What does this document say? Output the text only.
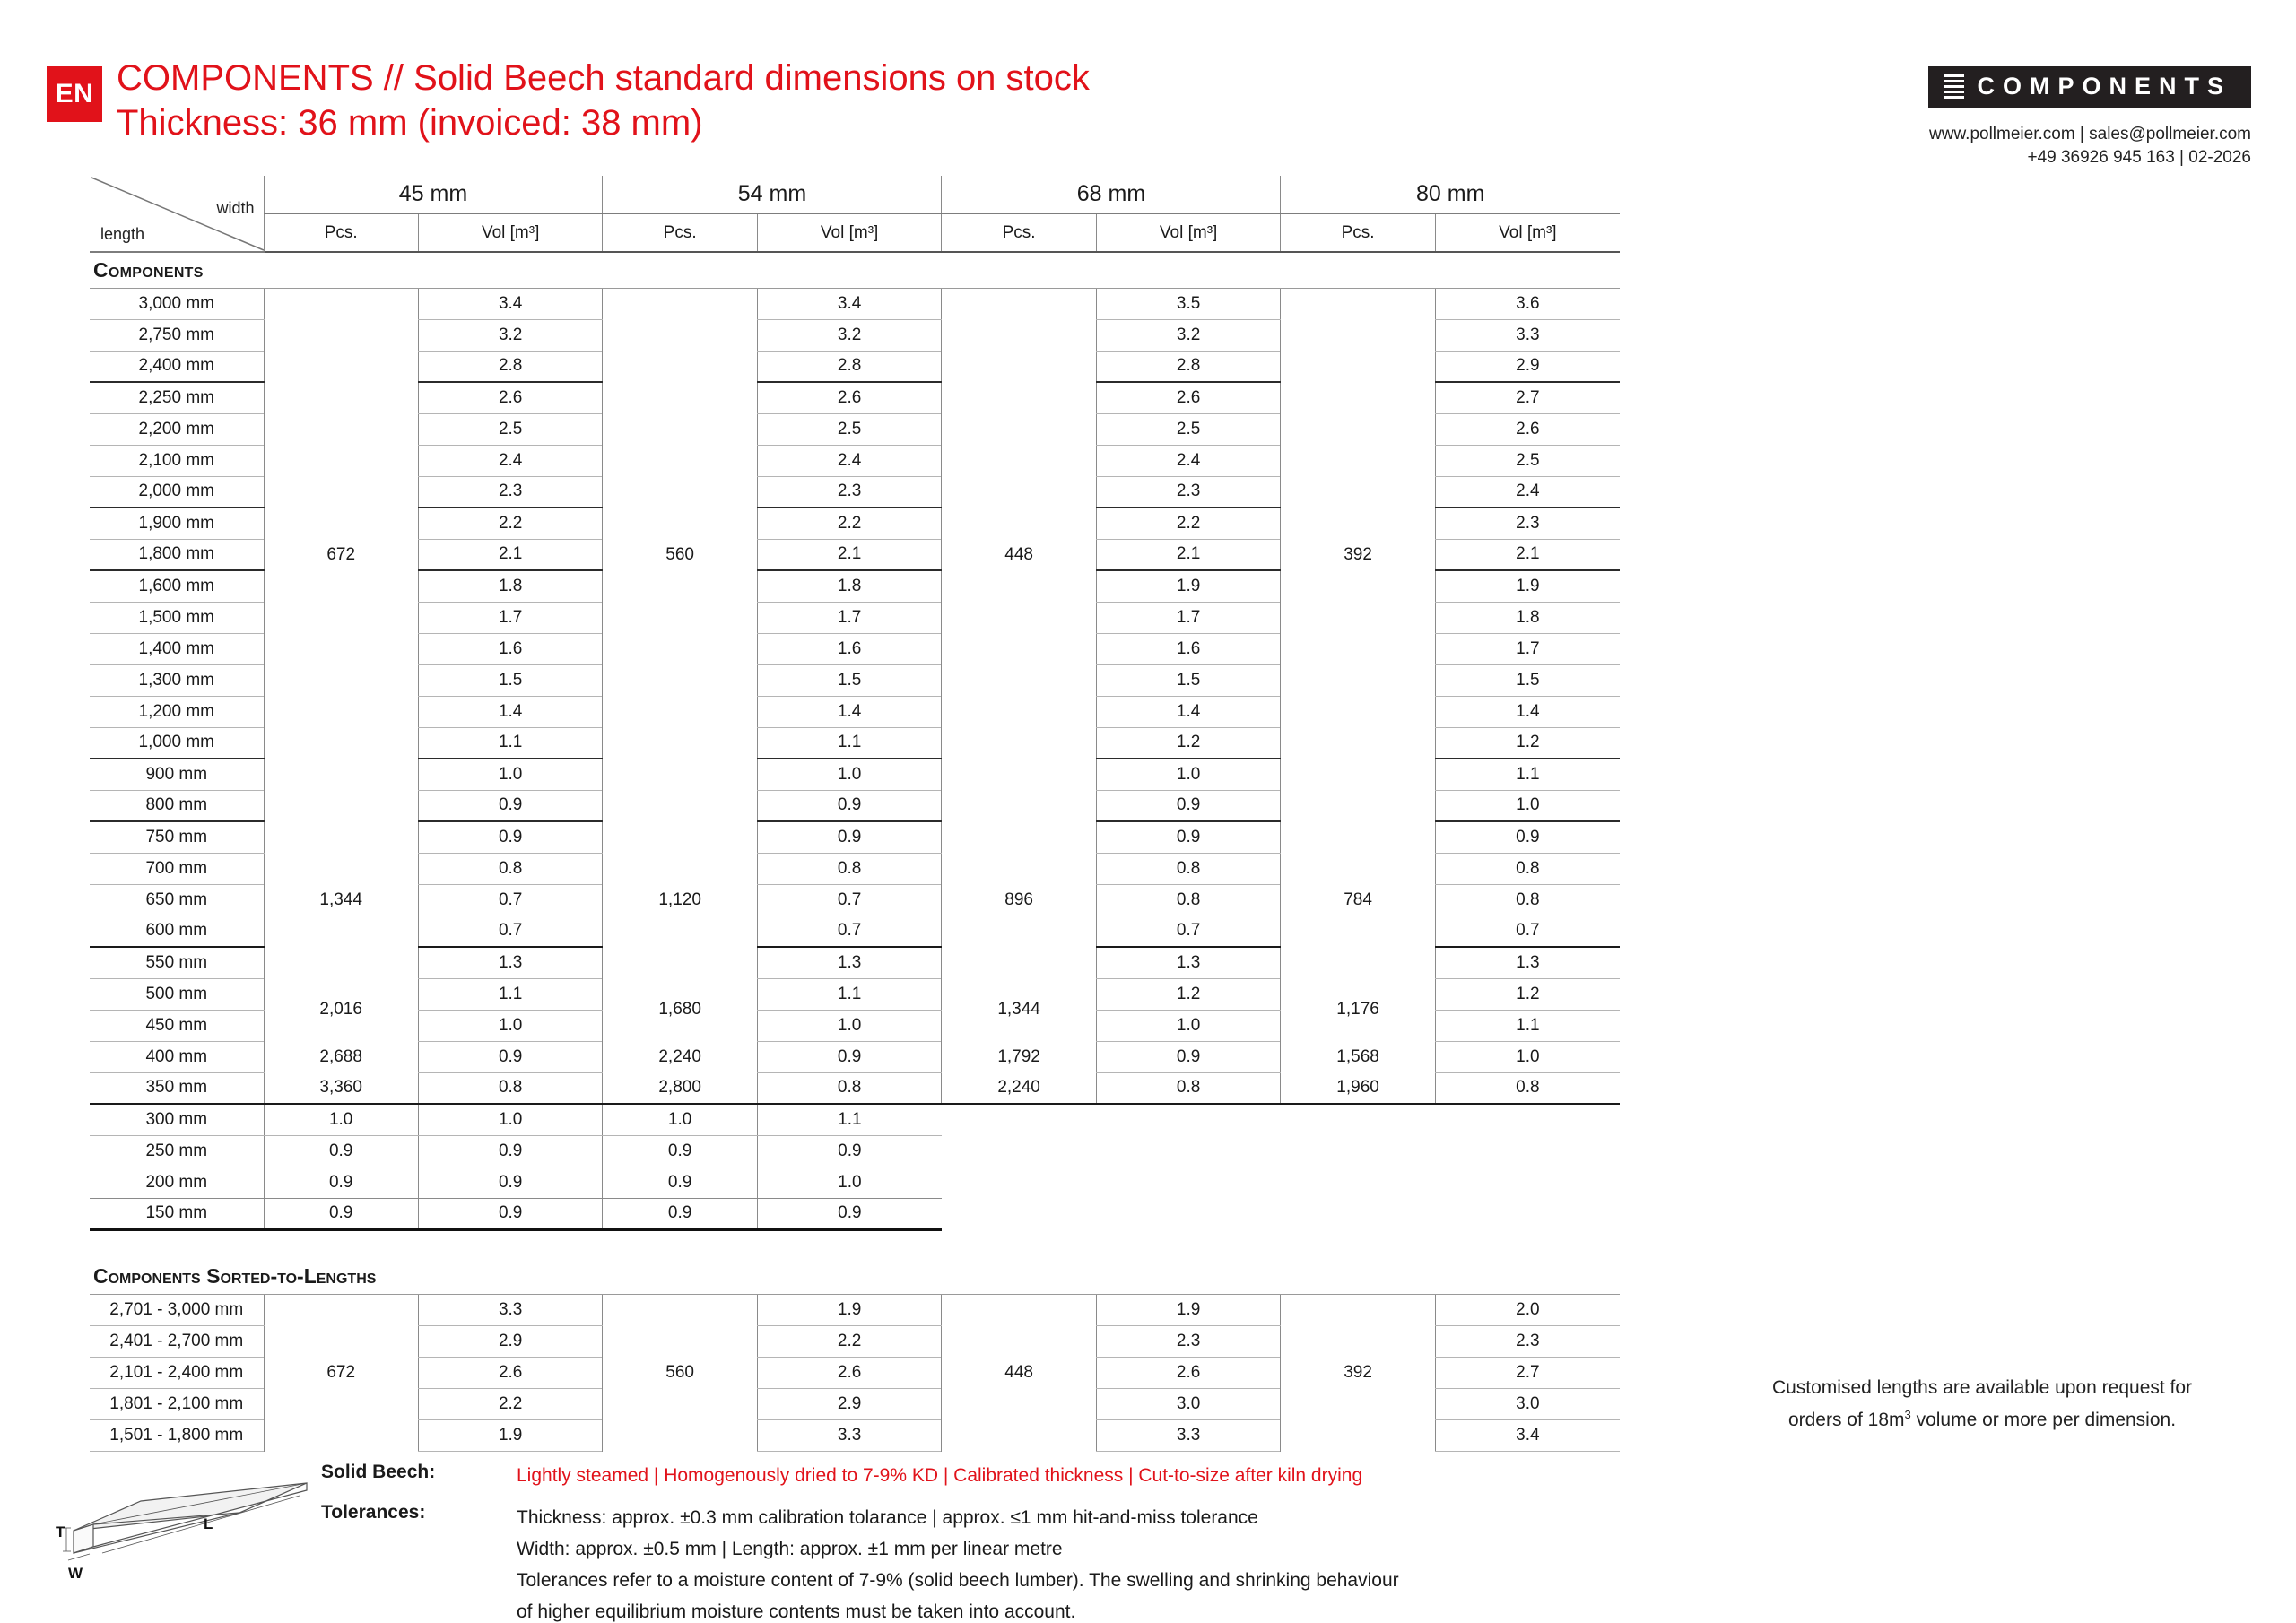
EN COMPONENTS // Solid Beech standard dimensions on stock
Thickness: 36 mm (invoiced: 38 mm)
COMPONENTS
www.pollmeier.com | sales@pollmeier.com
+49 36926 945 163 | 02-2026
width
length	45 mm		54 mm		68 mm		80 mm	
	Pcs.	Vol [m³]	Pcs.	Vol [m³]	Pcs.	Vol [m³]	Pcs.	Vol [m³]
Components								
3,000 mm	672	3.4	560	3.4	448	3.5	392	3.6
2,750 mm		3.2		3.2		3.2		3.3
2,400 mm		2.8		2.8		2.8		2.9
2,250 mm		2.6		2.6		2.6		2.7
2,200 mm		2.5		2.5		2.5		2.6
2,100 mm		2.4		2.4		2.4		2.5
2,000 mm		2.3		2.3		2.3		2.4
1,900 mm		2.2		2.2		2.2		2.3
1,800 mm		2.1		2.1		2.1		2.1
1,600 mm		1.8		1.8		1.9		1.9
1,500 mm		1.7		1.7		1.7		1.8
1,400 mm		1.6		1.6		1.6		1.7
1,300 mm		1.5		1.5		1.5		1.5
1,200 mm		1.4		1.4		1.4		1.4
1,000 mm		1.1		1.1		1.2		1.2
900 mm		1.0		1.0		1.0		1.1
800 mm		0.9		0.9		0.9		1.0
750 mm	1,344	0.9	1,120	0.9	896	0.9	784	0.9
700 mm		0.8		0.8		0.8		0.8
650 mm		0.7		0.7		0.8		0.8
600 mm		0.7		0.7		0.7		0.7
550 mm		1.3		1.3		1.3		1.3
500 mm	2,016	1.1	1,680	1.1	1,344	1.2	1,176	1.2
450 mm		1.0		1.0		1.0		1.1
400 mm	2,688	0.9	2,240	0.9	1,792	0.9	1,568	1.0
350 mm	3,360	0.8	2,800	0.8	2,240	0.8	1,960	0.8
300 mm	1.0	1.0	1.0	1.1				
250 mm	0.9	0.9	0.9	0.9				
200 mm	0.9	0.9	0.9	1.0				
150 mm	0.9	0.9	0.9	0.9				

Components Sorted-to-Lengths								
2,701 - 3,000 mm	672	3.3	560	1.9	448	1.9	392	2.0
2,401 - 2,700 mm		2.9		2.2		2.3		2.3
2,101 - 2,400 mm		2.6		2.6		2.6		2.7
1,801 - 2,100 mm		2.2		2.9		3.0		3.0
1,501 - 1,800 mm		1.9		3.3		3.3		3.4
Customised lengths are available upon request for
orders of $18m^3$ volume or more per dimension.
T
W
L
Solid Beech:	Lightly steamed | Homogenously dried to 7-9% KD | Calibrated thickness | Cut-to-size after kiln drying
Tolerances:	Thickness: approx. ±0.3 mm calibration tolarance | approx. ≤1 mm hit-and-miss tolerance
Width: approx. ±0.5 mm | Length: approx. ±1 mm per linear metre
Tolerances refer to a moisture content of 7-9% (solid beech lumber). The swelling and shrinking behaviour
of higher equilibrium moisture contents must be taken into account.
